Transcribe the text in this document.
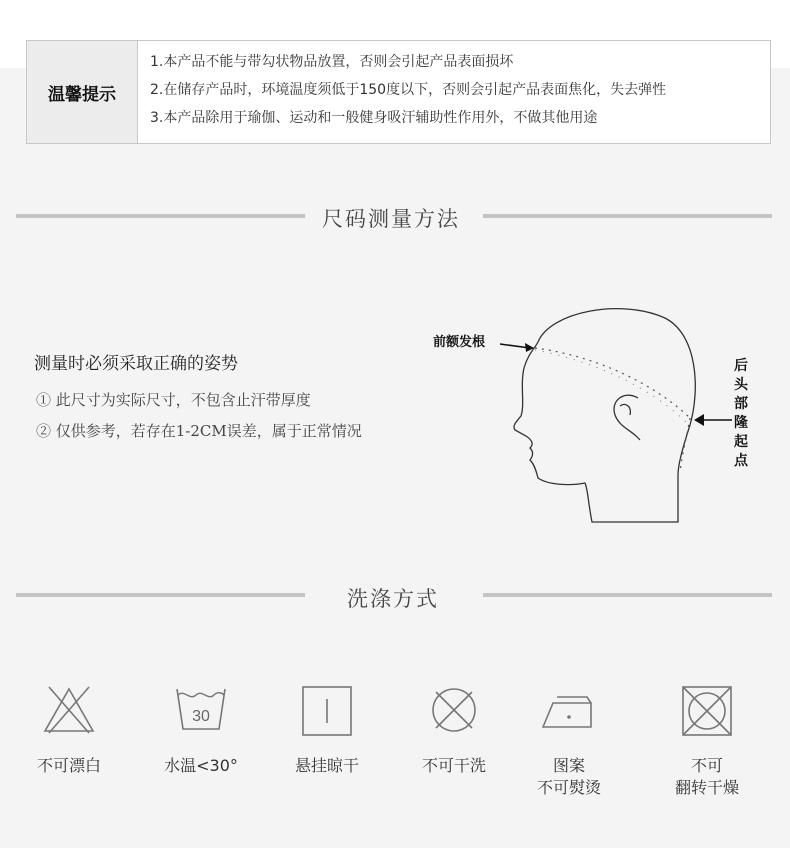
温馨提示
1.本产品不能与带勾状物品放置，否则会引起产品表面损坏
2.在储存产品时，环境温度须低于150度以下，否则会引起产品表面焦化，失去弹性
3.本产品除用于瑜伽、运动和一般健身吸汗辅助性作用外，不做其他用途
尺码测量方法
测量时必须采取正确的姿势
① 此尺寸为实际尺寸，不包含止汗带厚度
② 仅供参考，若存在1-2CM误差，属于正常情况
前额发根
后
头
部
隆
起
点
洗涤方式
不可漂白
30
水温<30°	悬挂晾干	不可干洗	图案
不可熨烫
不可
翻转干燥
